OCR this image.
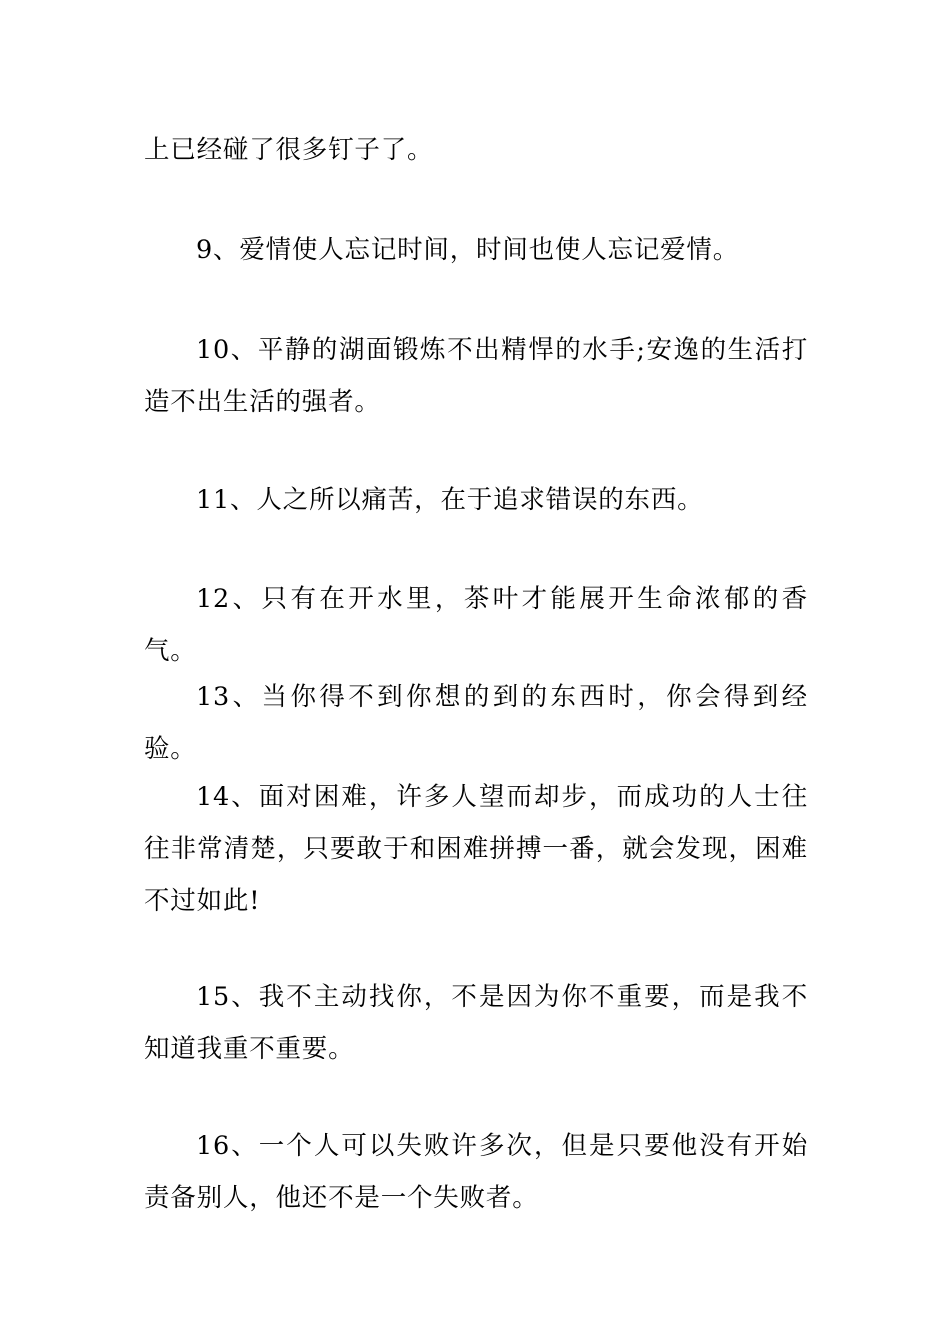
上已经碰了很多钉子了。

9、爱情使人忘记时间，时间也使人忘记爱情。

10、平静的湖面锻炼不出精悍的水手;安逸的生活打造不出生活的强者。

11、人之所以痛苦，在于追求错误的东西。

12、只有在开水里，茶叶才能展开生命浓郁的香气。

13、当你得不到你想的到的东西时，你会得到经验。

14、面对困难，许多人望而却步，而成功的人士往往非常清楚，只要敢于和困难拼搏一番，就会发现，困难不过如此!

15、我不主动找你，不是因为你不重要，而是我不知道我重不重要。

16、一个人可以失败许多次，但是只要他没有开始责备别人，他还不是一个失败者。
